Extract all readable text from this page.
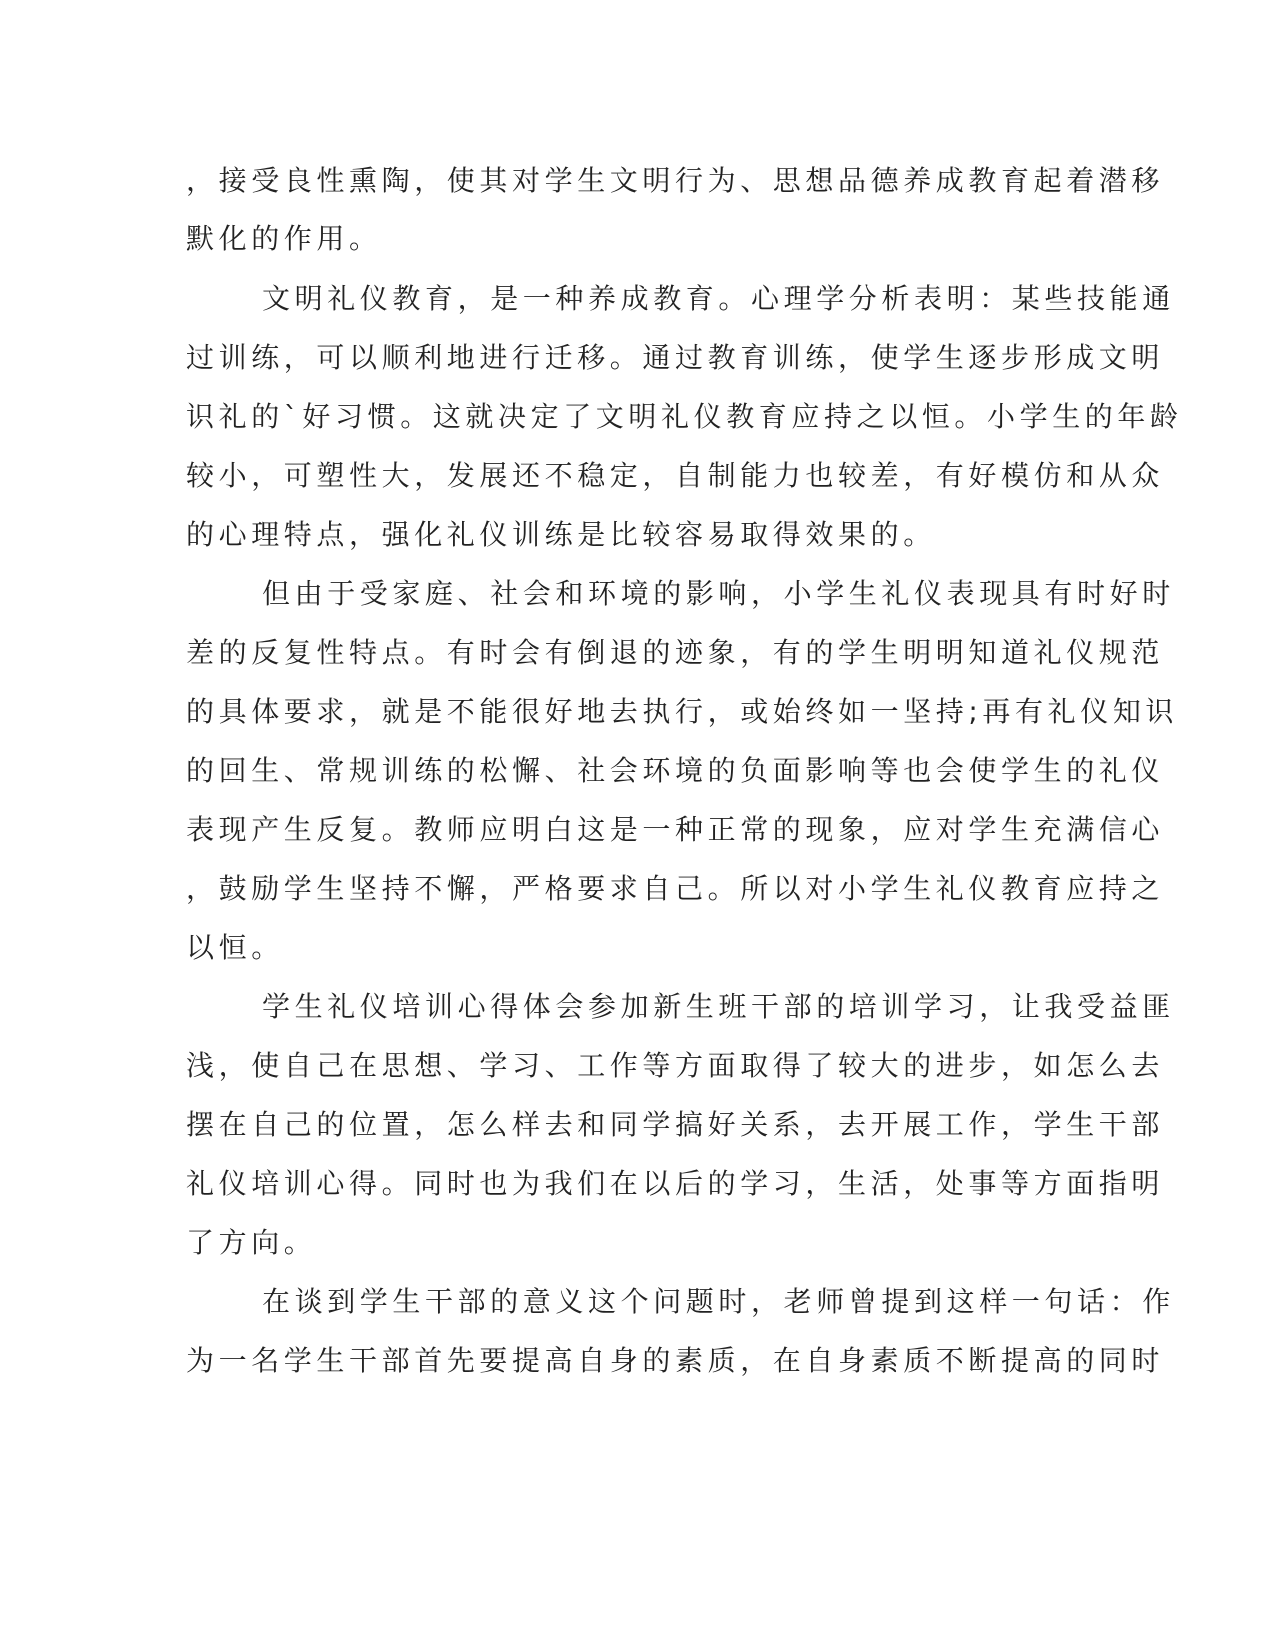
，接受良性熏陶，使其对学生文明行为、思想品德养成教育起着潜移
默化的作用。
文明礼仪教育，是一种养成教育。心理学分析表明：某些技能通
过训练，可以顺利地进行迁移。通过教育训练，使学生逐步形成文明
识礼的`好习惯。这就决定了文明礼仪教育应持之以恒。小学生的年龄
较小，可塑性大，发展还不稳定，自制能力也较差，有好模仿和从众
的心理特点，强化礼仪训练是比较容易取得效果的。
但由于受家庭、社会和环境的影响，小学生礼仪表现具有时好时
差的反复性特点。有时会有倒退的迹象，有的学生明明知道礼仪规范
的具体要求，就是不能很好地去执行，或始终如一坚持;再有礼仪知识
的回生、常规训练的松懈、社会环境的负面影响等也会使学生的礼仪
表现产生反复。教师应明白这是一种正常的现象，应对学生充满信心
，鼓励学生坚持不懈，严格要求自己。所以对小学生礼仪教育应持之
以恒。
学生礼仪培训心得体会参加新生班干部的培训学习，让我受益匪
浅，使自己在思想、学习、工作等方面取得了较大的进步，如怎么去
摆在自己的位置，怎么样去和同学搞好关系，去开展工作，学生干部
礼仪培训心得。同时也为我们在以后的学习，生活，处事等方面指明
了方向。
在谈到学生干部的意义这个问题时，老师曾提到这样一句话：作
为一名学生干部首先要提高自身的素质，在自身素质不断提高的同时
